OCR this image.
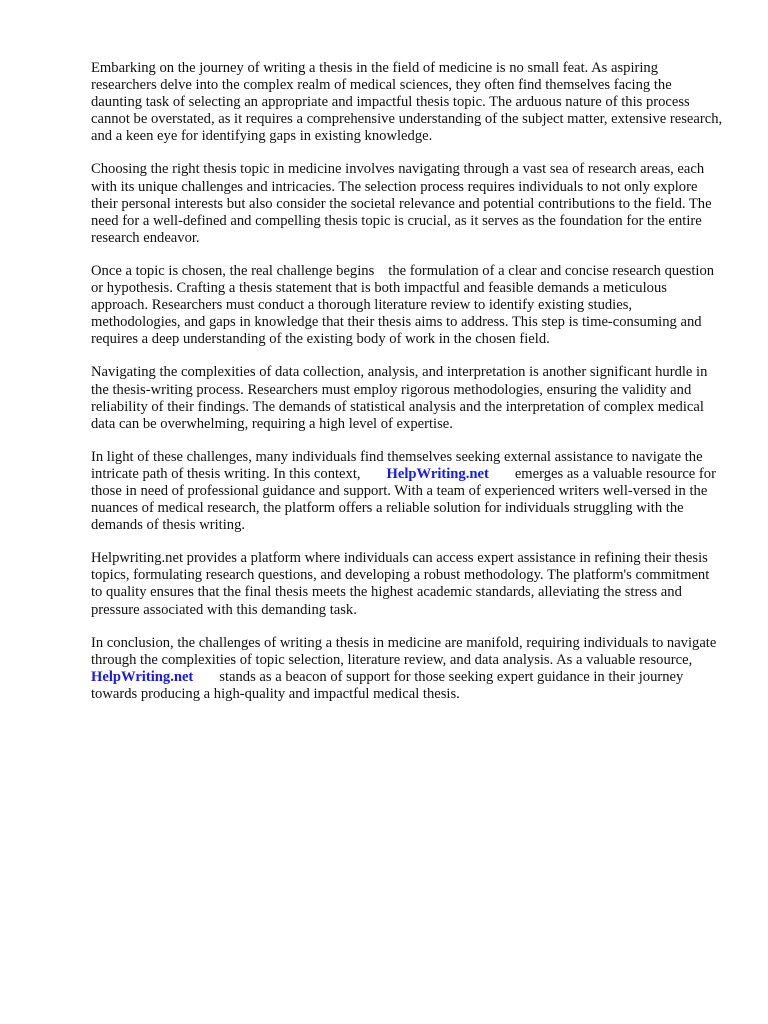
Embarking on the journey of writing a thesis in the field of medicine is no small feat. As aspiring researchers delve into the complex realm of medical sciences, they often find themselves facing the daunting task of selecting an appropriate and impactful thesis topic. The arduous nature of this process cannot be overstated, as it requires a comprehensive understanding of the subject matter, extensive research, and a keen eye for identifying gaps in existing knowledge.

Choosing the right thesis topic in medicine involves navigating through a vast sea of research areas, each with its unique challenges and intricacies. The selection process requires individuals to not only explore their personal interests but also consider the societal relevance and potential contributions to the field. The need for a well-defined and compelling thesis topic is crucial, as it serves as the foundation for the entire research endeavor.

Once a topic is chosen, the real challenge begins the formulation of a clear and concise research question or hypothesis. Crafting a thesis statement that is both impactful and feasible demands a meticulous approach. Researchers must conduct a thorough literature review to identify existing studies, methodologies, and gaps in knowledge that their thesis aims to address. This step is time-consuming and requires a deep understanding of the existing body of work in the chosen field.

Navigating the complexities of data collection, analysis, and interpretation is another significant hurdle in the thesis-writing process. Researchers must employ rigorous methodologies, ensuring the validity and reliability of their findings. The demands of statistical analysis and the interpretation of complex medical data can be overwhelming, requiring a high level of expertise.

In light of these challenges, many individuals find themselves seeking external assistance to navigate the intricate path of thesis writing. In this context, HelpWriting.net emerges as a valuable resource for those in need of professional guidance and support. With a team of experienced writers well-versed in the nuances of medical research, the platform offers a reliable solution for individuals struggling with the demands of thesis writing.

Helpwriting.net provides a platform where individuals can access expert assistance in refining their thesis topics, formulating research questions, and developing a robust methodology. The platform's commitment to quality ensures that the final thesis meets the highest academic standards, alleviating the stress and pressure associated with this demanding task.

In conclusion, the challenges of writing a thesis in medicine are manifold, requiring individuals to navigate through the complexities of topic selection, literature review, and data analysis. As a valuable resource,HelpWriting.net stands as a beacon of support for those seeking expert guidance in their journey towards producing a high-quality and impactful medical thesis.
